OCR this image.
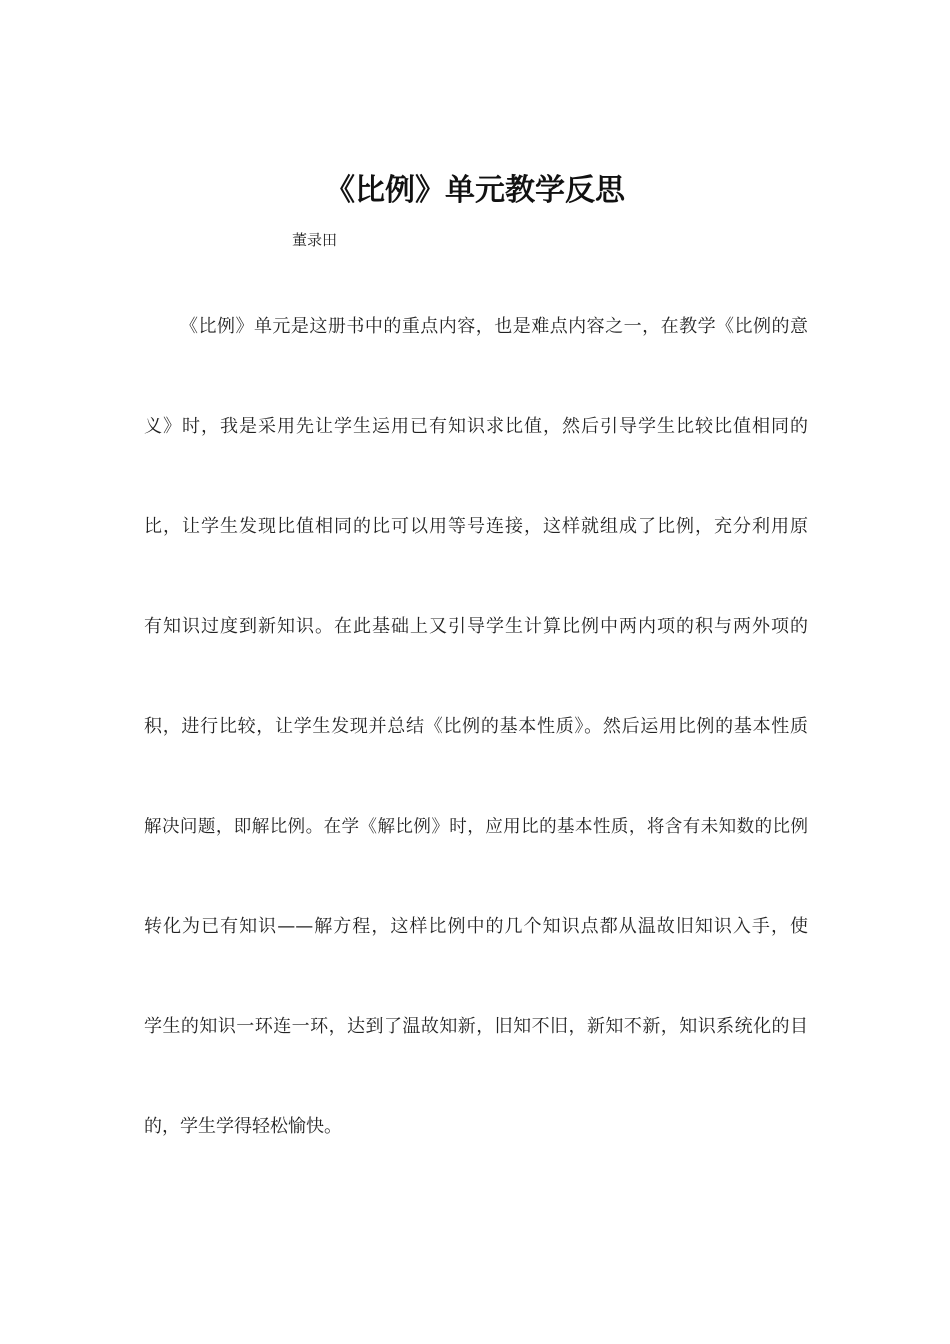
《比例》单元教学反思
董录田
《比例》单元是这册书中的重点内容，也是难点内容之一，在教学《比例的意
义》时，我是采用先让学生运用已有知识求比值，然后引导学生比较比值相同的
比，让学生发现比值相同的比可以用等号连接，这样就组成了比例，充分利用原
有知识过度到新知识。在此基础上又引导学生计算比例中两内项的积与两外项的
积，进行比较，让学生发现并总结《比例的基本性质》。然后运用比例的基本性质
解决问题，即解比例。在学《解比例》时，应用比的基本性质，将含有未知数的比例
转化为已有知识——解方程，这样比例中的几个知识点都从温故旧知识入手，使
学生的知识一环连一环，达到了温故知新，旧知不旧，新知不新，知识系统化的目
的，学生学得轻松愉快。
